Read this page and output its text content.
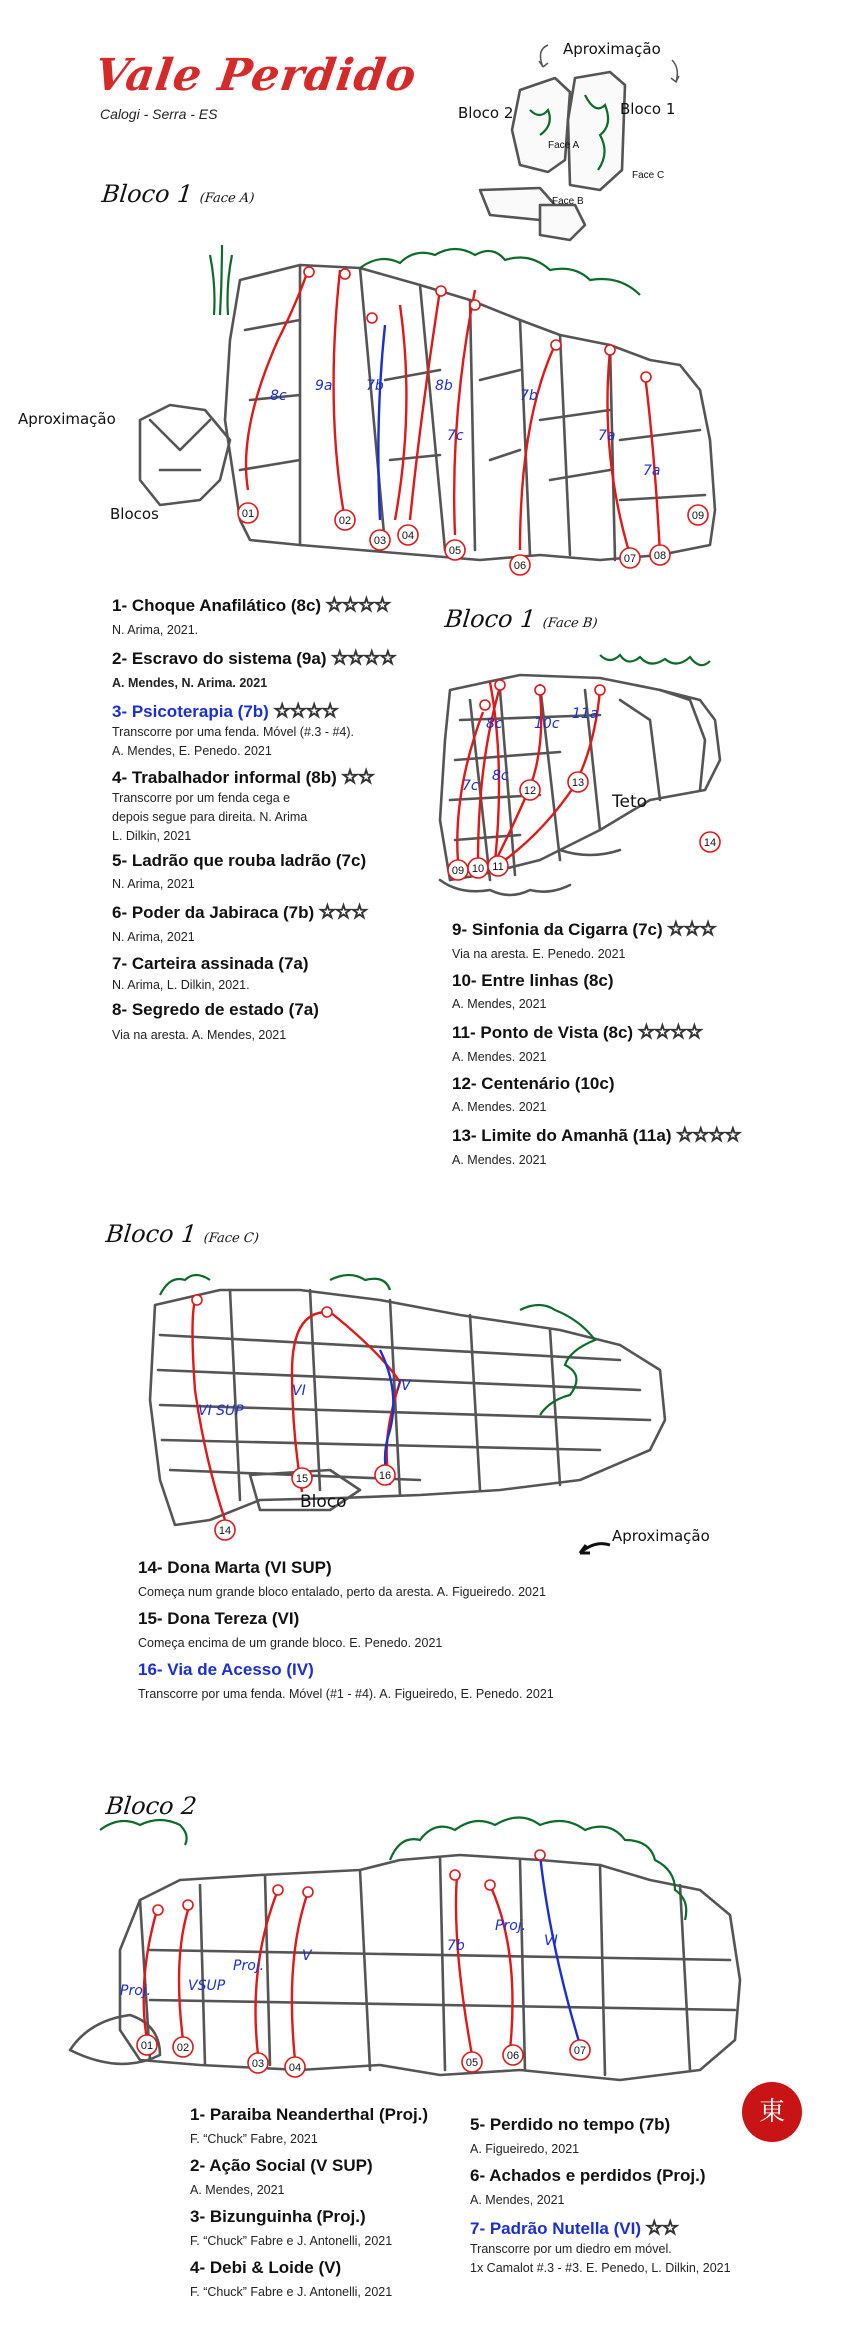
Vale Perdido
Calogi - Serra - ES
8c
9a 7b	8b
7c
7b
7a
7a
01
02
03 04
05
06
07 08
09
8c 10c
11a
7c
8c
09 10 11
12
13
14
VI SUP
VI	IV
14
15	16
Proj.	VSUP
Proj.
V
7b
Proj.
VI
01 02
03 04	05
06	07
Aproximação
Bloco 2	Bloco 1
Face A
Face B
Face C
Bloco 1 (Face A)
Aproximação
Blocos
1- Choque Anafilático (8c) ☆☆☆☆
N. Arima, 2021.
2- Escravo do sistema (9a) ☆☆☆☆
A. Mendes, N. Arima. 2021
3- Psicoterapia (7b) ☆☆☆☆
Transcorre por uma fenda. Móvel (#.3 - #4).
A. Mendes, E. Penedo. 2021
4- Trabalhador informal (8b) ☆☆
Transcorre por um fenda cega e
depois segue para direita. N. Arima
L. Dilkin, 2021
5- Ladrão que rouba ladrão (7c)
N. Arima, 2021
6- Poder da Jabiraca (7b) ☆☆☆
N. Arima, 2021
7- Carteira assinada (7a)
N. Arima, L. Dilkin, 2021.
8- Segredo de estado (7a)
Via na aresta. A. Mendes, 2021
Bloco 1 (Face B)
Teto
9- Sinfonia da Cigarra (7c) ☆☆☆
Via na aresta. E. Penedo. 2021
10- Entre linhas (8c)
A. Mendes, 2021
11- Ponto de Vista (8c) ☆☆☆☆
A. Mendes. 2021
12- Centenário (10c)
A. Mendes. 2021
13- Limite do Amanhã (11a) ☆☆☆☆
A. Mendes. 2021
Bloco 1 (Face C)
Bloco
Aproximação
14- Dona Marta (VI SUP)
Começa num grande bloco entalado, perto da aresta. A. Figueiredo. 2021
15- Dona Tereza (VI)
Começa encima de um grande bloco. E. Penedo. 2021
16- Via de Acesso (IV)
Transcorre por uma fenda. Móvel (#1 - #4). A. Figueiredo, E. Penedo. 2021
Bloco 2
1- Paraiba Neanderthal (Proj.)
F. “Chuck” Fabre, 2021
2- Ação Social (V SUP)
A. Mendes, 2021
3- Bizunguinha (Proj.)
F. “Chuck” Fabre e J. Antonelli, 2021
4- Debi & Loide (V)
F. “Chuck” Fabre e J. Antonelli, 2021
5- Perdido no tempo (7b)
A. Figueiredo, 2021
6- Achados e perdidos (Proj.)
A. Mendes, 2021
7- Padrão Nutella (VI) ☆☆
Transcorre por um diedro em móvel.
1x Camalot #.3 - #3. E. Penedo, L. Dilkin, 2021
東
